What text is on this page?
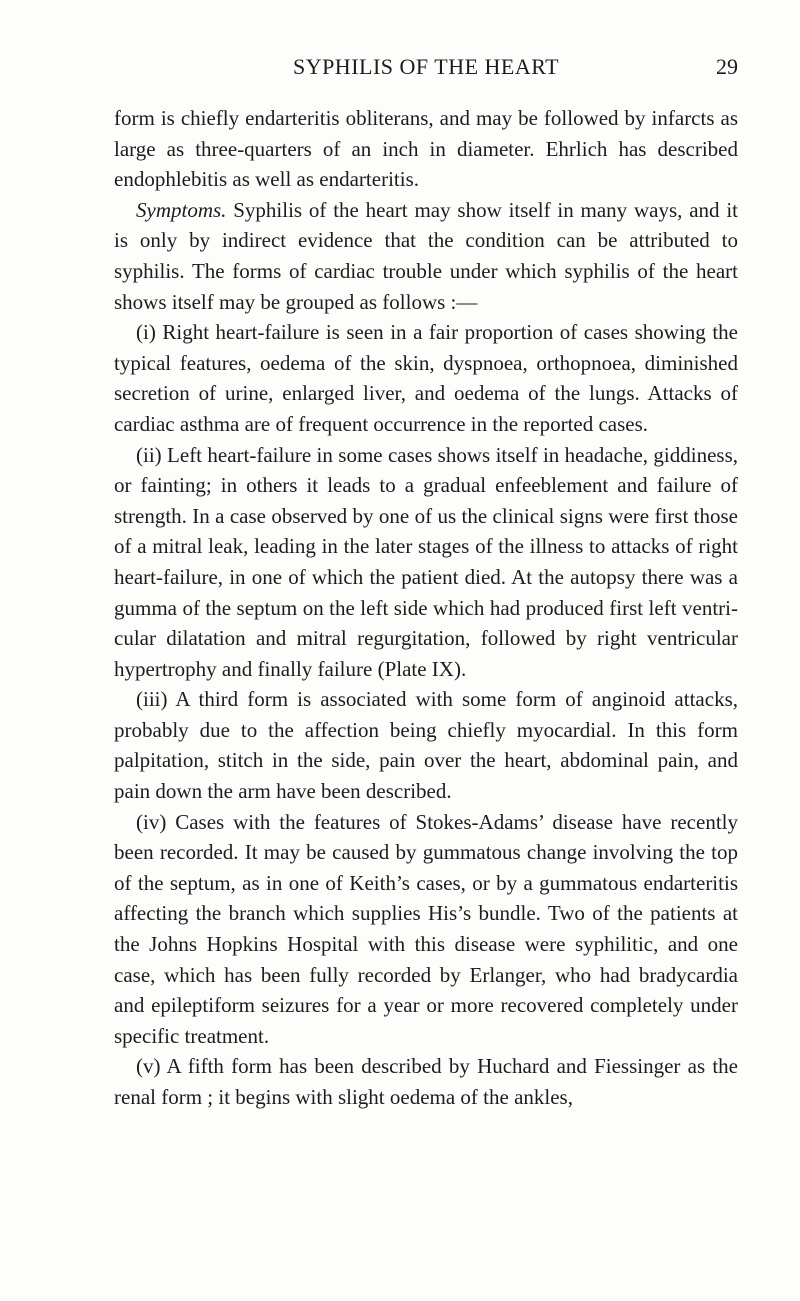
SYPHILIS OF THE HEART	29

form is chiefly endarteritis obliterans, and may be followed by infarcts as large as three-quarters of an inch in diameter. Ehrlich has described endophlebitis as well as endarteritis.

Symptoms. Syphilis of the heart may show itself in many ways, and it is only by indirect evidence that the condition can be attributed to syphilis. The forms of cardiac trouble under which syphilis of the heart shows itself may be grouped as follows :—

(i) Right heart-failure is seen in a fair proportion of cases showing the typical features, oedema of the skin, dyspnoea, orthopnoea, diminished secretion of urine, enlarged liver, and oedema of the lungs. Attacks of cardiac asthma are of frequent occurrence in the reported cases.

(ii) Left heart-failure in some cases shows itself in headache, giddiness, or fainting; in others it leads to a gradual enfeeblement and failure of strength. In a case observed by one of us the clinical signs were first those of a mitral leak, leading in the later stages of the illness to attacks of right heart-failure, in one of which the patient died. At the autopsy there was a gumma of the septum on the left side which had produced first left ventri- cular dilatation and mitral regurgitation, followed by right ventricular hypertrophy and finally failure (Plate IX).

(iii) A third form is associated with some form of anginoid attacks, probably due to the affection being chiefly myocardial. In this form palpitation, stitch in the side, pain over the heart, abdominal pain, and pain down the arm have been described.

(iv) Cases with the features of Stokes-Adams’ disease have recently been recorded. It may be caused by gummatous change involving the top of the septum, as in one of Keith’s cases, or by a gummatous endarteritis affecting the branch which supplies His’s bundle. Two of the patients at the Johns Hopkins Hospital with this disease were syphilitic, and one case, which has been fully recorded by Erlanger, who had bradycardia and epileptiform seizures for a year or more recovered completely under specific treatment.

(v) A fifth form has been described by Huchard and Fiessinger as the renal form ; it begins with slight oedema of the ankles,
